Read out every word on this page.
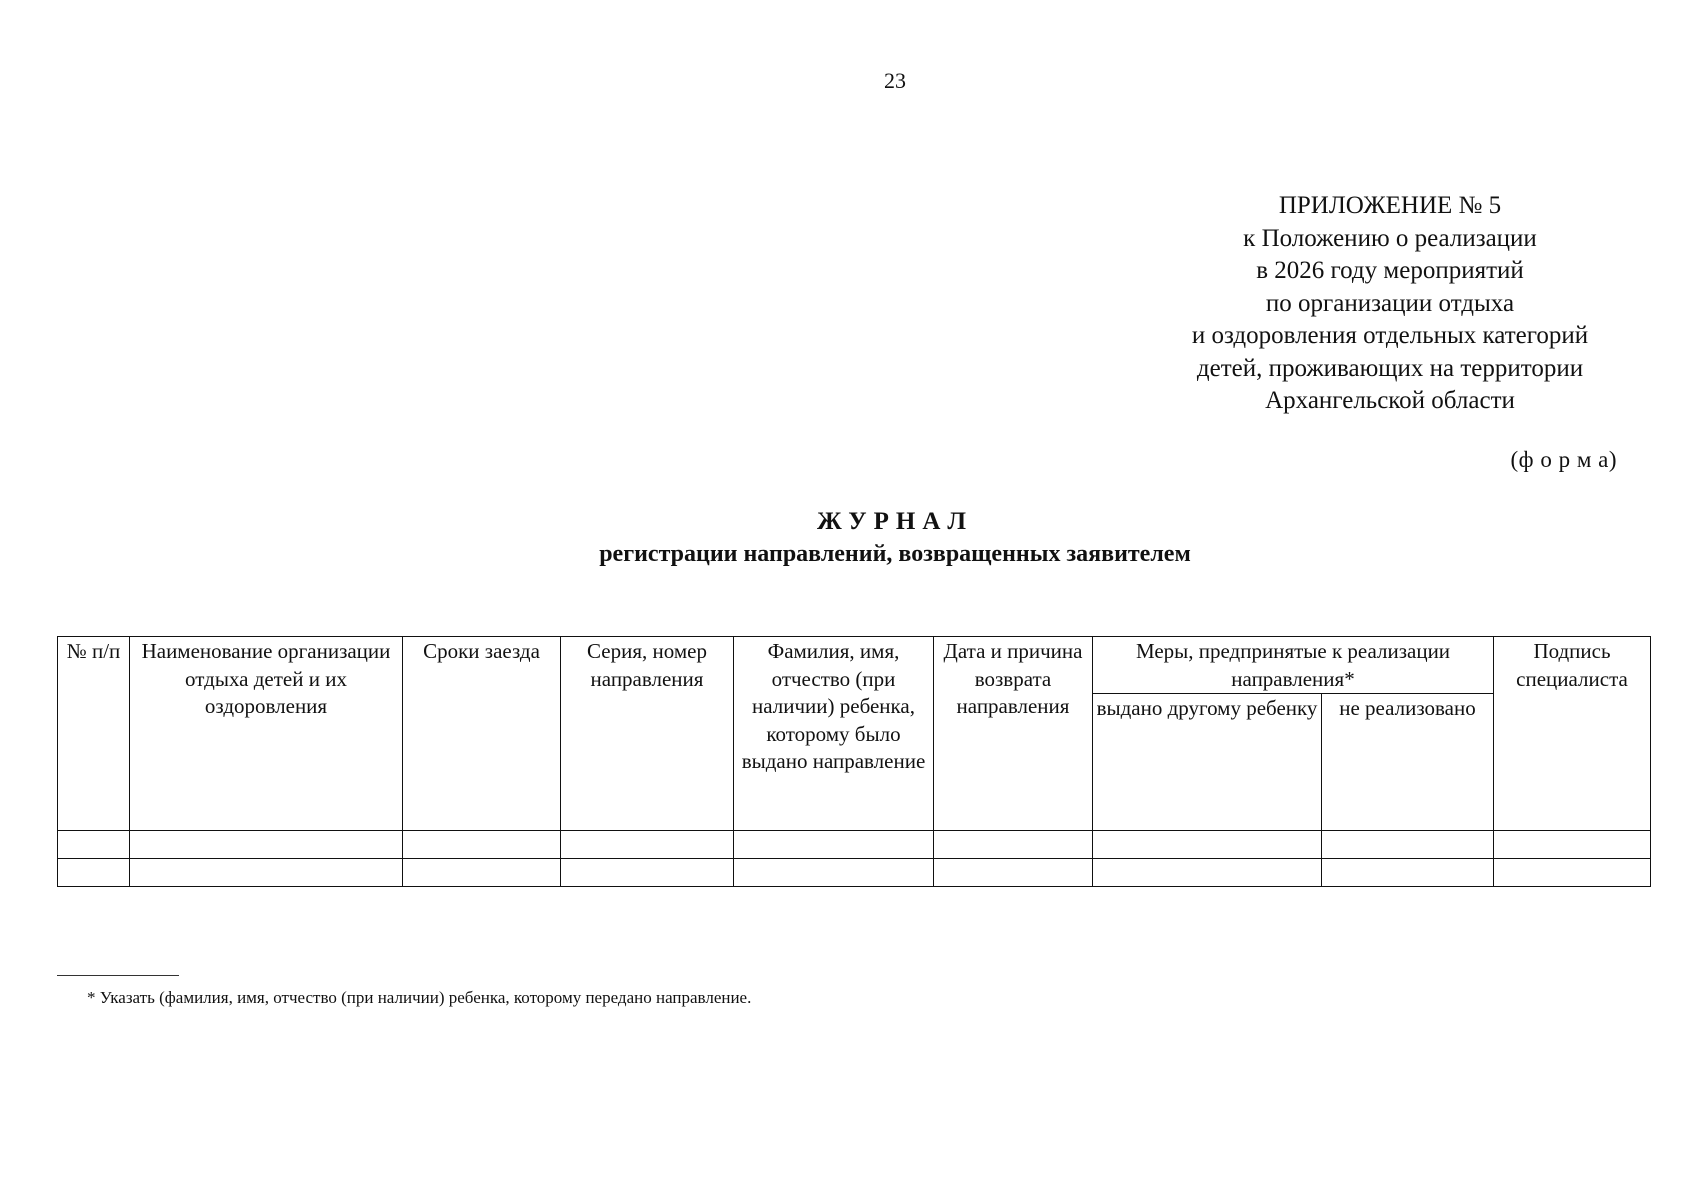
23
ПРИЛОЖЕНИЕ № 5
к Положению о реализации
в 2026 году мероприятий
по организации отдыха
и оздоровления отдельных категорий
детей, проживающих на территории
Архангельской области
(ф о р м а)
ЖУРНАЛ
регистрации направлений, возвращенных заявителем
№ п/п	Наименование организации отдыха детей и их оздоровления	Сроки заезда	Серия, номер направления	Фамилия, имя, отчество (при наличии) ребенка, которому было выдано направление	Дата и причина возврата направления	Меры, предпринятые к реализации направления*		Подпись специалиста
						выдано другому ребенку	не реализовано	

* Указать (фамилия, имя, отчество (при наличии) ребенка, которому передано направление.
